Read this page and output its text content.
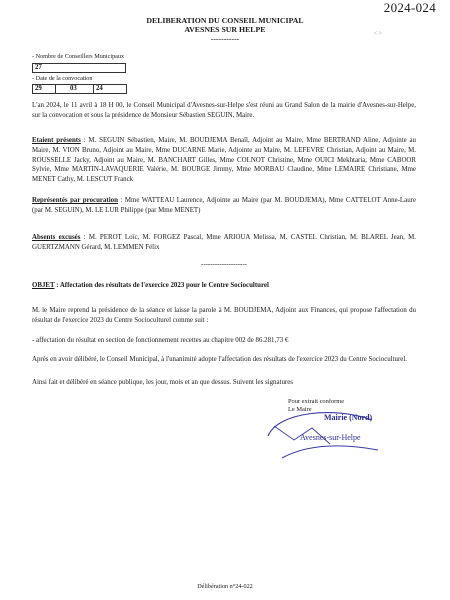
2024-024
< >
DELIBERATION DU CONSEIL MUNICIPAL
AVESNES SUR HELPE
-----------
- Nombre de Conseillers Municipaux
27
- Date de la convocation
29	03	24
L'an 2024, le 11 avril à 18 H 00, le Conseil Municipal d'Avesnes-sur-Helpe s'est réuni au Grand Salon de la mairie d'Avesnes-sur-Helpe, sur la convocation et sous la présidence de Monsieur Sébastien SEGUIN, Maire.
Etaient présents : M. SEGUIN Sébastien, Maire, M. BOUDJEMA Benaïl, Adjoint au Maire, Mme BERTRAND Aline, Adjointe au Maire, M. VION Bruno, Adjoint au Maire, Mme DUCARNE Marie, Adjointe au Maire, M. LEFEVRE Christian, Adjoint au Maire, M. ROUSSELLE Jacky, Adjoint au Maire, M. BANCHART Gilles, Mme COLNOT Christine, Mme OUICI Mekhtaria, Mme CABOOR Sylvie, Mme MARTIN-LAVAQUERIE Valérie, M. BOURGE Jimmy, Mme MORBAU Claudine, Mme LEMAIRE Christiane, Mme MENET Cathy, M. LESCUT Franck
Représentés par procuration : Mme WATTEAU Laurence, Adjointe au Maire (par M. BOUDJEMA), Mme CATTELOT Anne-Laure (par M. SEGUIN), M. LE LUR Philippe (par Mme MENET)
Absents excusés : M. PEROT Loïc, M. FORGEZ Pascal, Mme ARIOUA Melissa, M. CASTEL Christian, M. BLAREL Jean, M. GUERTZMANN Gérard, M. LEMMEN Félix
--------------------
OBJET : Affectation des résultats de l'exercice 2023 pour le Centre Socioculturel
M. le Maire reprend la présidence de la séance et laisse la parole à M. BOUDJEMA, Adjoint aux Finances, qui propose l'affectation du résultat de l'exercice 2023 du Centre Socioculturel comme suit :
- affectation du résultat en section de fonctionnement recettes au chapitre 002 de 86.281,73 €
Après en avoir délibéré, le Conseil Municipal, à l'unanimité adopte l'affectation des résultats de l'exercice 2023 du Centre Socioculturel.
Ainsi fait et délibéré en séance publique, les jour, mois et an que dessus. Suivent les signatures
Pour extrait conforme
Le Maire
Mairie (Nord)
Avesnes-sur-Helpe
Délibération n°24-022
